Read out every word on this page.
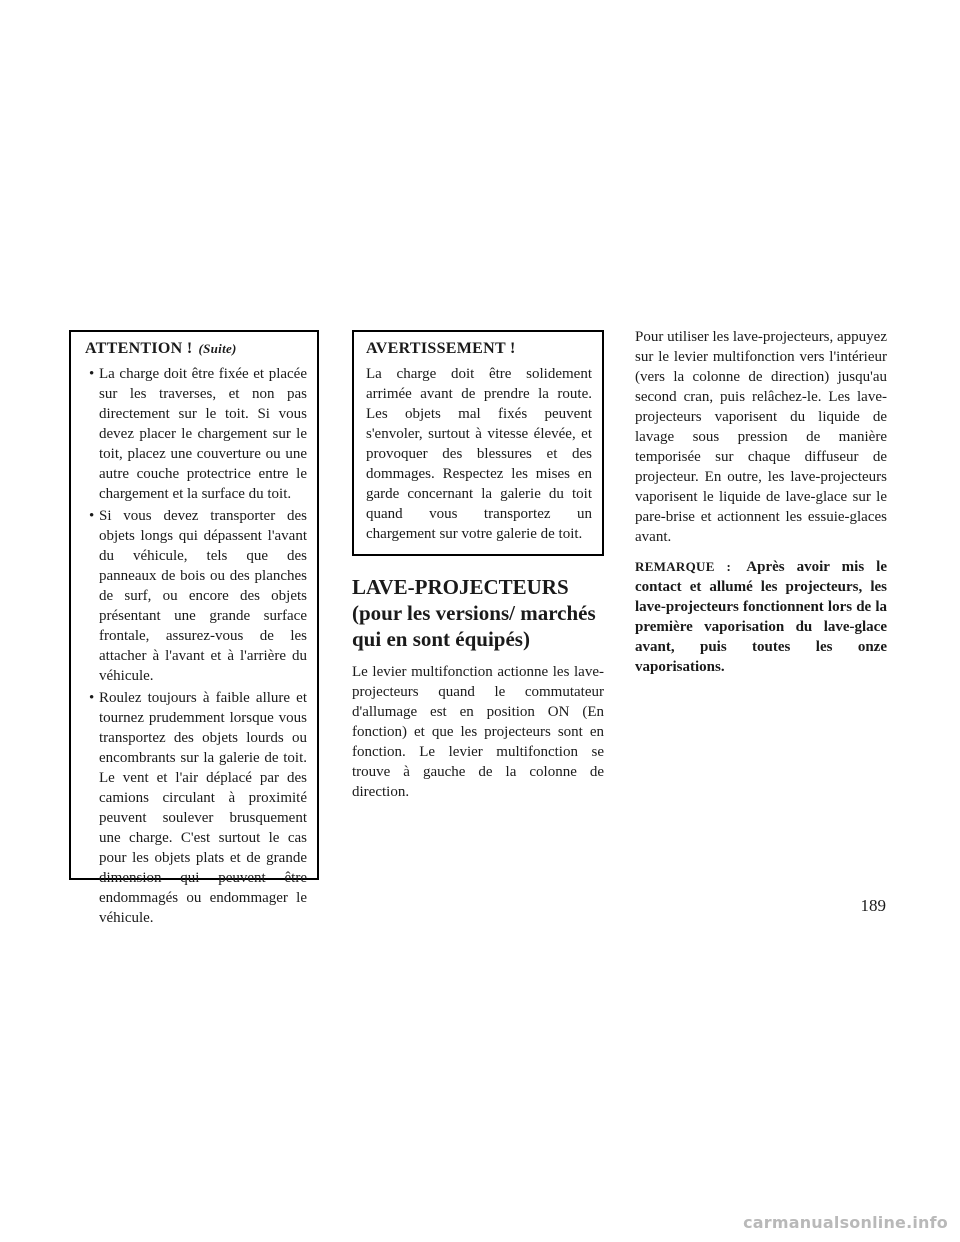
ATTENTION ! (Suite)
• La charge doit être fixée et placée sur les traverses, et non pas directement sur le toit. Si vous devez placer le chargement sur le toit, placez une couverture ou une autre couche protectrice entre le chargement et la surface du toit.
• Si vous devez transporter des objets longs qui dépassent l'avant du véhicule, tels que des panneaux de bois ou des planches de surf, ou encore des objets présentant une grande surface frontale, assurez-vous de les attacher à l'avant et à l'arrière du véhicule.
• Roulez toujours à faible allure et tournez prudemment lorsque vous transportez des objets lourds ou encombrants sur la galerie de toit. Le vent et l'air déplacé par des camions circulant à proximité peuvent soulever brusquement une charge. C'est surtout le cas pour les objets plats et de grande dimension qui peuvent être endommagés ou endommager le véhicule.
AVERTISSEMENT !

La charge doit être solidement arrimée avant de prendre la route. Les objets mal fixés peuvent s'envoler, surtout à vitesse élevée, et provoquer des blessures et des dommages. Respectez les mises en garde concernant la galerie du toit quand vous transportez un chargement sur votre galerie de toit.

LAVE-PROJECTEURS (pour les versions/ marchés qui en sont équipés)

Le levier multifonction actionne les lave-projecteurs quand le commutateur d'allumage est en position ON (En fonction) et que les projecteurs sont en fonction. Le levier multifonction se trouve à gauche de la colonne de direction.

Pour utiliser les lave-projecteurs, appuyez sur le levier multifonction vers l'intérieur (vers la colonne de direction) jusqu'au second cran, puis relâchez-le. Les lave-projecteurs vaporisent du liquide de lavage sous pression de manière temporisée sur chaque diffuseur de projecteur. En outre, les lave-projecteurs vaporisent le liquide de lave-glace sur le pare-brise et actionnent les essuie-glaces avant.

REMARQUE : Après avoir mis le contact et allumé les projecteurs, les lave-projecteurs fonctionnent lors de la première vaporisation du lave-glace avant, puis toutes les onze vaporisations.

189
carmanualsonline.info
